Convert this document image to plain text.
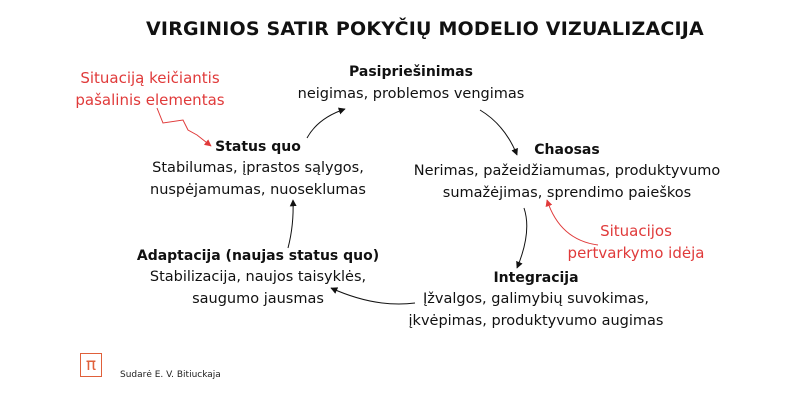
VIRGINIOS SATIR POKYČIŲ MODELIO VIZUALIZACIJA
Pasipriešinimas
neigimas, problemos vengimas
Status quo
Stabilumas, įprastos sąlygos,
nuspėjamumas, nuoseklumas
Chaosas
Nerimas, pažeidžiamumas, produktyvumo
sumažėjimas, sprendimo paieškos
Adaptacija (naujas status quo)
Stabilizacija, naujos taisyklės,
saugumo jausmas
Integracija
Įžvalgos, galimybių suvokimas,
įkvėpimas, produktyvumo augimas
Situaciją keičiantis
pašalinis elementas
Situacijos
pertvarkymo idėja
π	Sudarė E. V. Bitiuckaja
